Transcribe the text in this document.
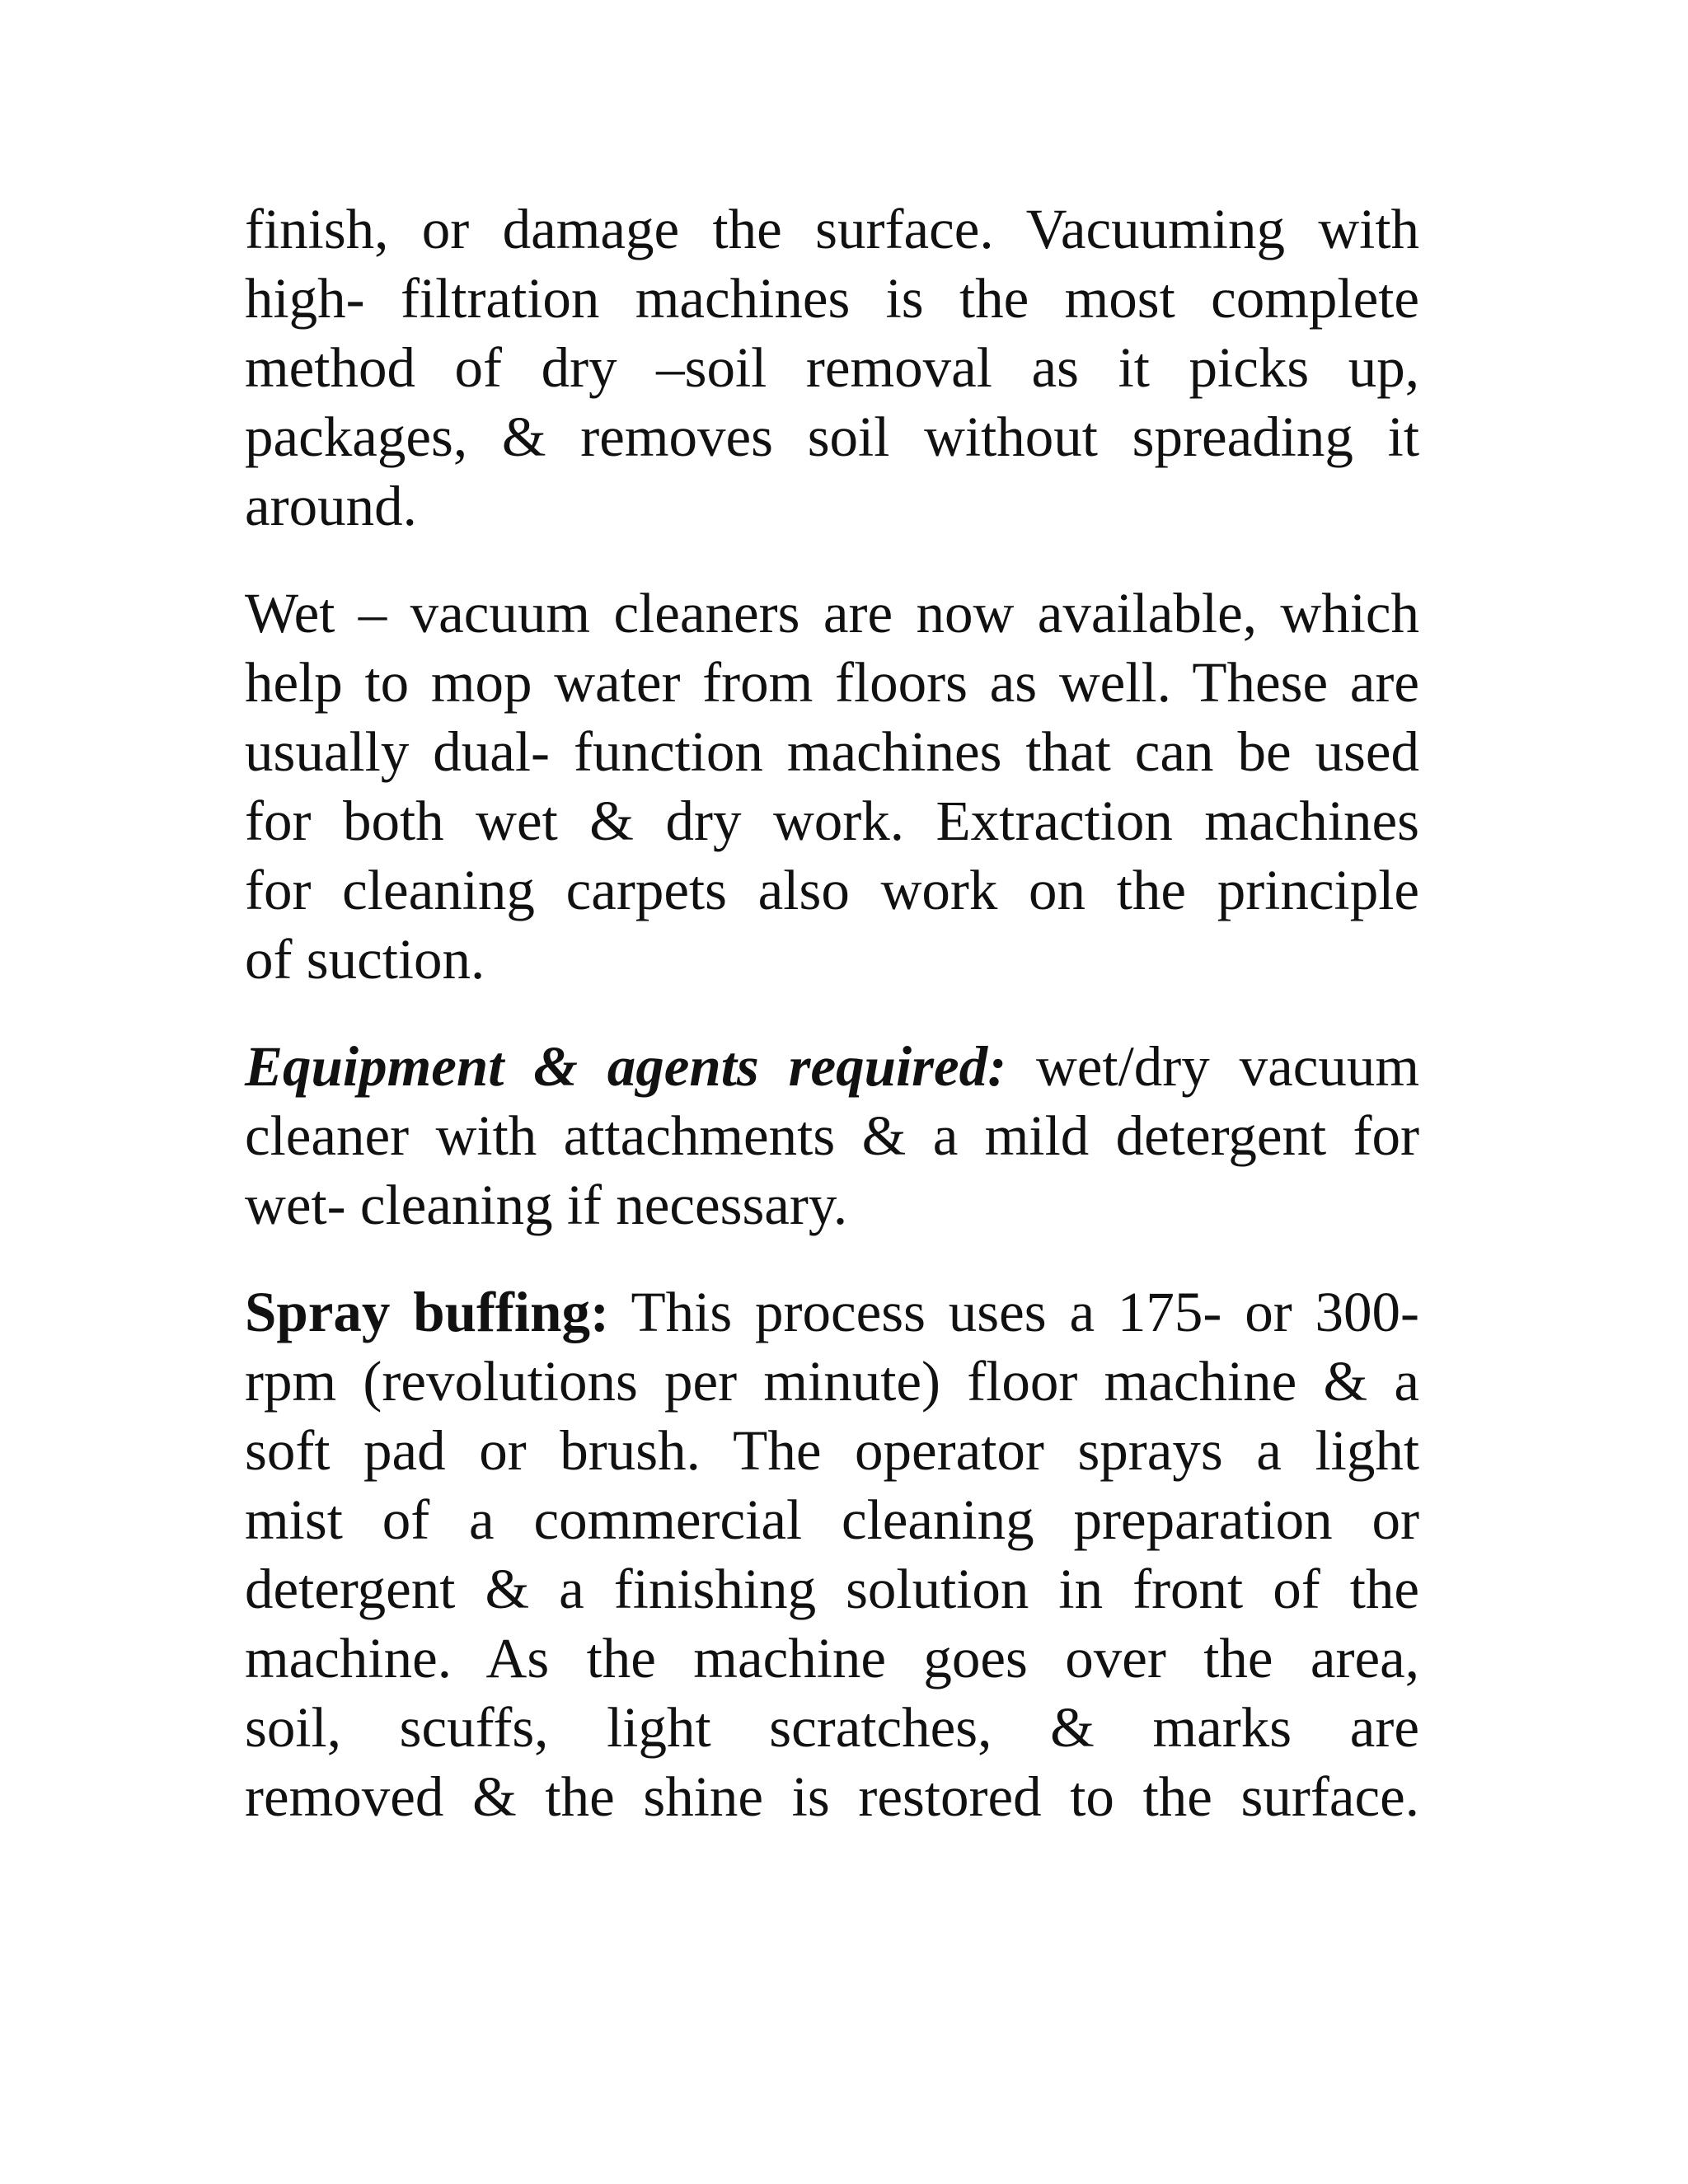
finish, or damage the surface. Vacuuming with
high- filtration machines is the most complete
method of dry –soil removal as it picks up,
packages, & removes soil without spreading it
around.

Wet – vacuum cleaners are now available, which
help to mop water from floors as well. These are
usually dual- function machines that can be used
for both wet & dry work. Extraction machines
for cleaning carpets also work on the principle
of suction.

Equipment & agents required: wet/dry vacuum
cleaner with attachments & a mild detergent for
wet- cleaning if necessary.

Spray buffing: This process uses a 175- or 300-
rpm (revolutions per minute) floor machine & a
soft pad or brush. The operator sprays a light
mist of a commercial cleaning preparation or
detergent & a finishing solution in front of the
machine. As the machine goes over the area,
soil, scuffs, light scratches, & marks are
removed & the shine is restored to the surface.
